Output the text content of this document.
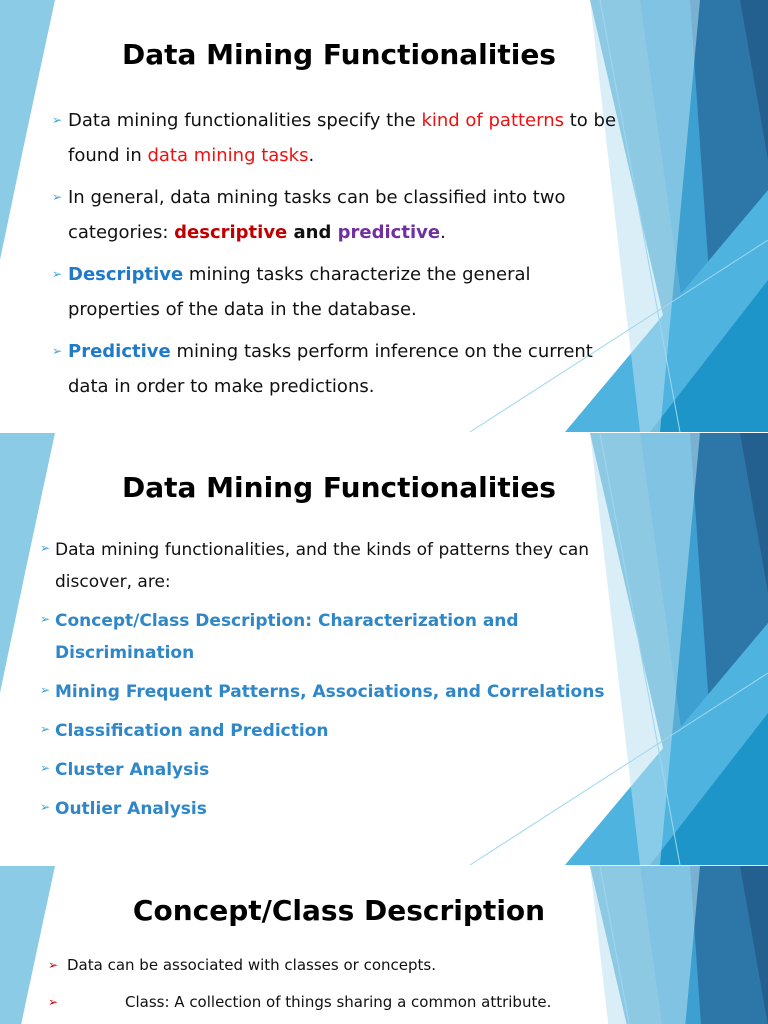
Data Mining Functionalities
➢ Data mining functionalities specify the kind of patterns to be found in data mining tasks.
➢ In general, data mining tasks can be classified into two categories: descriptive and predictive.
➢ Descriptive mining tasks characterize the general properties of the data in the database.
➢ Predictive mining tasks perform inference on the current data in order to make predictions.
Data Mining Functionalities
➢ Data mining functionalities, and the kinds of patterns they can discover, are:
➢ Concept/Class Description: Characterization and Discrimination
➢ Mining Frequent Patterns, Associations, and Correlations
➢ Classification and Prediction
➢ Cluster Analysis
➢ Outlier Analysis
Concept/Class Description
➢ Data can be associated with classes or concepts.
➢	Class: A collection of things sharing a common attribute.
